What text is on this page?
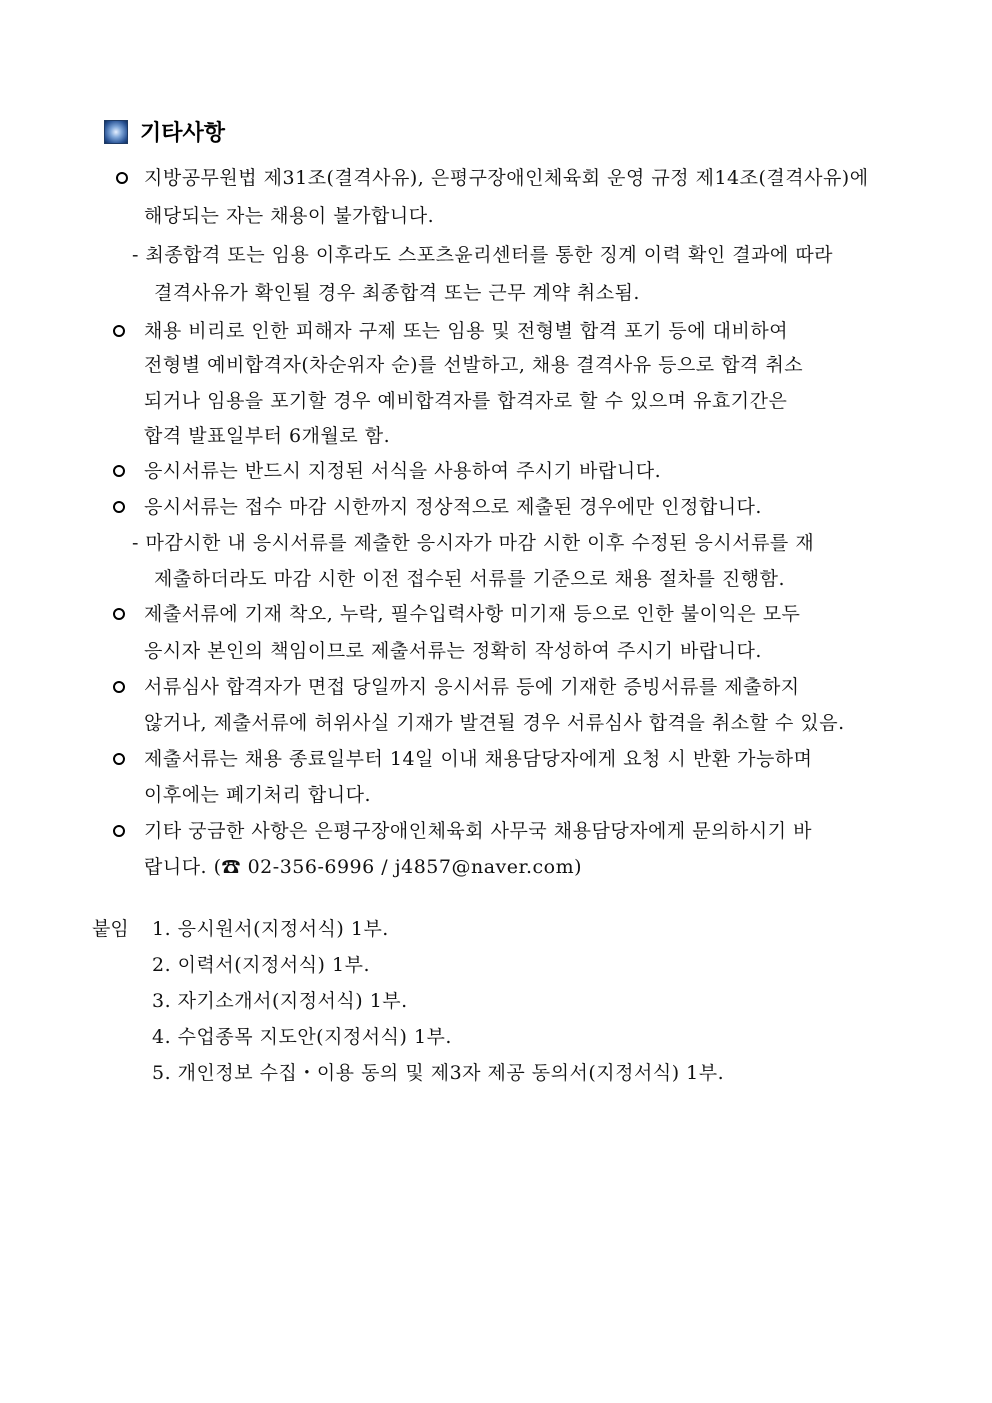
기타사항
지방공무원법 제31조(결격사유), 은평구장애인체육회 운영 규정 제14조(결격사유)에
해당되는 자는 채용이 불가합니다.
- 최종합격 또는 임용 이후라도 스포츠윤리센터를 통한 징계 이력 확인 결과에 따라
결격사유가 확인될 경우 최종합격 또는 근무 계약 취소됨.
채용 비리로 인한 피해자 구제 또는 임용 및 전형별 합격 포기 등에 대비하여
전형별 예비합격자(차순위자 순)를 선발하고, 채용 결격사유 등으로 합격 취소
되거나 임용을 포기할 경우 예비합격자를 합격자로 할 수 있으며 유효기간은
합격 발표일부터 6개월로 함.
응시서류는 반드시 지정된 서식을 사용하여 주시기 바랍니다.
응시서류는 접수 마감 시한까지 정상적으로 제출된 경우에만 인정합니다.
- 마감시한 내 응시서류를 제출한 응시자가 마감 시한 이후 수정된 응시서류를 재
제출하더라도 마감 시한 이전 접수된 서류를 기준으로 채용 절차를 진행함.
제출서류에 기재 착오, 누락, 필수입력사항 미기재 등으로 인한 불이익은 모두
응시자 본인의 책임이므로 제출서류는 정확히 작성하여 주시기 바랍니다.
서류심사 합격자가 면접 당일까지 응시서류 등에 기재한 증빙서류를 제출하지
않거나, 제출서류에 허위사실 기재가 발견될 경우 서류심사 합격을 취소할 수 있음.
제출서류는 채용 종료일부터 14일 이내 채용담당자에게 요청 시 반환 가능하며
이후에는 폐기처리 합니다.
기타 궁금한 사항은 은평구장애인체육회 사무국 채용담당자에게 문의하시기 바
랍니다. (☎ 02-356-6996 / j4857@naver.com)
붙임 1. 응시원서(지정서식) 1부.
2. 이력서(지정서식) 1부.
3. 자기소개서(지정서식) 1부.
4. 수업종목 지도안(지정서식) 1부.
5. 개인정보 수집・이용 동의 및 제3자 제공 동의서(지정서식) 1부.
